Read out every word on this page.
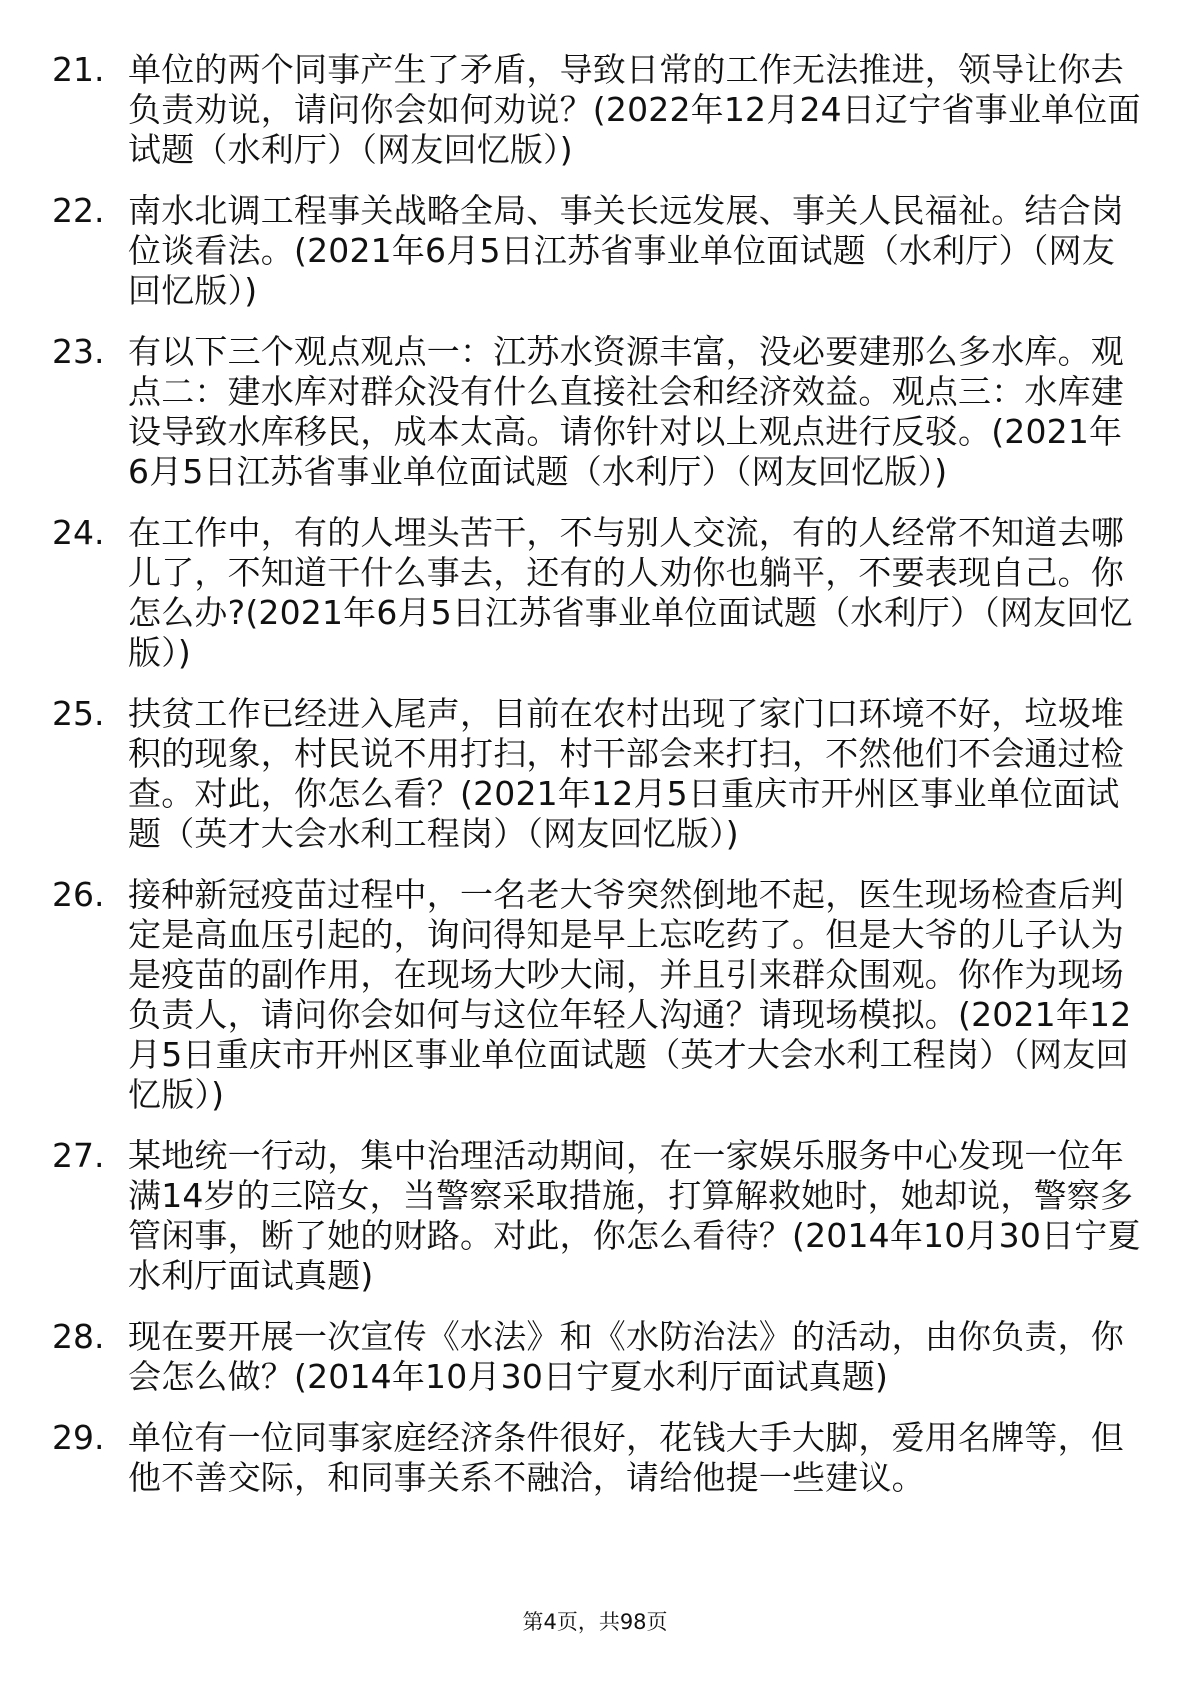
21. 单位的两个同事产生了矛盾，导致日常的工作无法推进，领导让你去负责劝说，请问你会如何劝说？(2022年12月24日辽宁省事业单位面试题（水利厅）（网友回忆版）)
22. 南水北调工程事关战略全局、事关长远发展、事关人民福祉。结合岗位谈看法。(2021年6月5日江苏省事业单位面试题（水利厅）（网友回忆版）)
23. 有以下三个观点观点一：江苏水资源丰富，没必要建那么多水库。观点二：建水库对群众没有什么直接社会和经济效益。观点三：水库建设导致水库移民，成本太高。请你针对以上观点进行反驳。(2021年6月5日江苏省事业单位面试题（水利厅）（网友回忆版）)
24. 在工作中，有的人埋头苦干，不与别人交流，有的人经常不知道去哪儿了，不知道干什么事去，还有的人劝你也躺平，不要表现自己。你怎么办?(2021年6月5日江苏省事业单位面试题（水利厅）（网友回忆版）)
25. 扶贫工作已经进入尾声，目前在农村出现了家门口环境不好，垃圾堆积的现象，村民说不用打扫，村干部会来打扫，不然他们不会通过检查。对此，你怎么看？(2021年12月5日重庆市开州区事业单位面试题（英才大会水利工程岗）（网友回忆版）)
26. 接种新冠疫苗过程中，一名老大爷突然倒地不起，医生现场检查后判定是高血压引起的，询问得知是早上忘吃药了。但是大爷的儿子认为是疫苗的副作用，在现场大吵大闹，并且引来群众围观。你作为现场负责人，请问你会如何与这位年轻人沟通？请现场模拟。(2021年12月5日重庆市开州区事业单位面试题（英才大会水利工程岗）（网友回忆版）)
27. 某地统一行动，集中治理活动期间，在一家娱乐服务中心发现一位年满14岁的三陪女，当警察采取措施，打算解救她时，她却说，警察多管闲事，断了她的财路。对此，你怎么看待？(2014年10月30日宁夏水利厅面试真题)
28. 现在要开展一次宣传《水法》和《水防治法》的活动，由你负责，你会怎么做？(2014年10月30日宁夏水利厅面试真题)
29. 单位有一位同事家庭经济条件很好，花钱大手大脚，爱用名牌等，但他不善交际，和同事关系不融洽，请给他提一些建议。
第4页，共98页
